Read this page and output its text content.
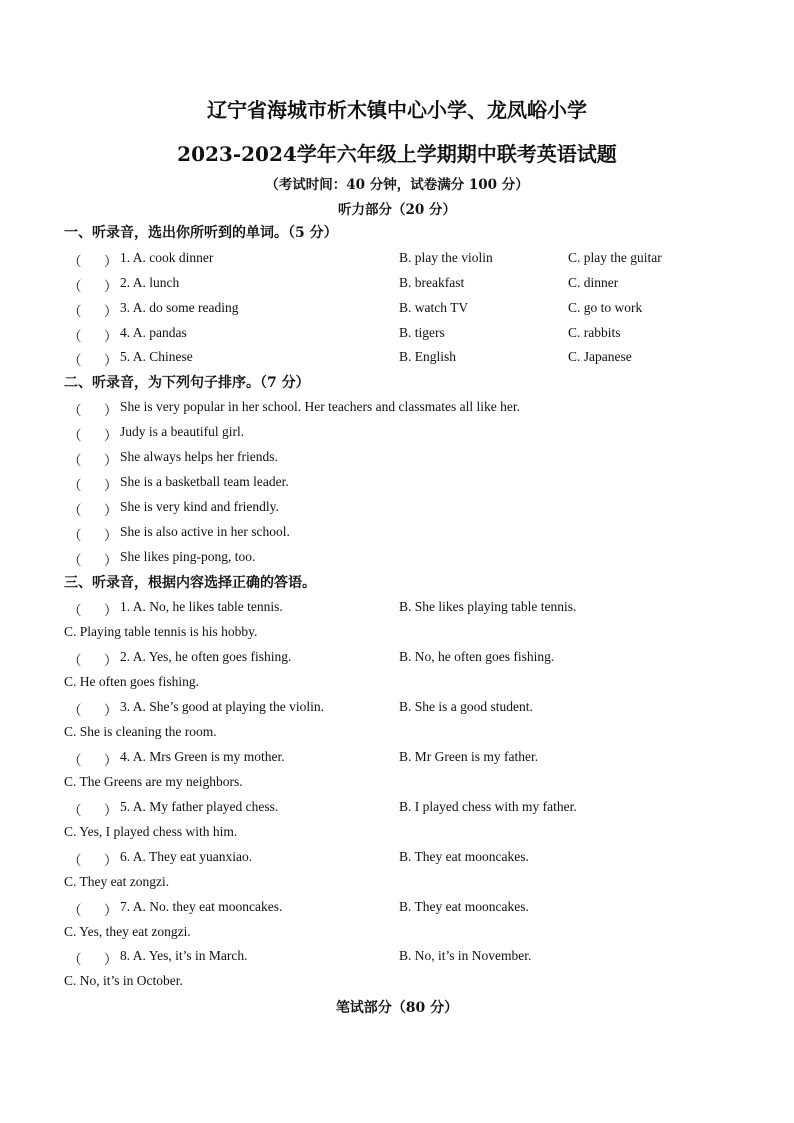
辽宁省海城市析木镇中心小学、龙凤峪小学
2023-2024学年六年级上学期期中联考英语试题
（考试时间：40 分钟，试卷满分 100 分）
听力部分（20 分）
一、听录音，选出你所听到的单词。（5 分）
（ ） 1. A. cook dinner	B. play the violin	C. play the guitar
（ ） 2. A. lunch	B. breakfast	C. dinner
（ ） 3. A. do some reading	B. watch TV	C. go to work
（ ） 4. A. pandas	B. tigers	C. rabbits
（ ） 5. A. Chinese	B. English	C. Japanese
二、听录音，为下列句子排序。（7 分）
（ ） She is very popular in her school. Her teachers and classmates all like her.
（ ） Judy is a beautiful girl.
（ ） She always helps her friends.
（ ） She is a basketball team leader.
（ ） She is very kind and friendly.
（ ） She is also active in her school.
（ ） She likes ping-pong, too.
三、听录音，根据内容选择正确的答语。
（ ） 1. A. No, he likes table tennis.	B. She likes playing table tennis.
C. Playing table tennis is his hobby.
（ ） 2. A. Yes, he often goes fishing.	B. No, he often goes fishing.
C. He often goes fishing.
（ ） 3. A. She’s good at playing the violin.	B. She is a good student.
C. She is cleaning the room.
（ ） 4. A. Mrs Green is my mother.	B. Mr Green is my father.
C. The Greens are my neighbors.
（ ） 5. A. My father played chess.	B. I played chess with my father.
C. Yes, I played chess with him.
（ ） 6. A. They eat yuanxiao.	B. They eat mooncakes.
C. They eat zongzi.
（ ） 7. A. No. they eat mooncakes.	B. They eat mooncakes.
C. Yes, they eat zongzi.
（ ） 8. A. Yes, it’s in March.	B. No, it’s in November.
C. No, it’s in October.
笔试部分（80 分）
